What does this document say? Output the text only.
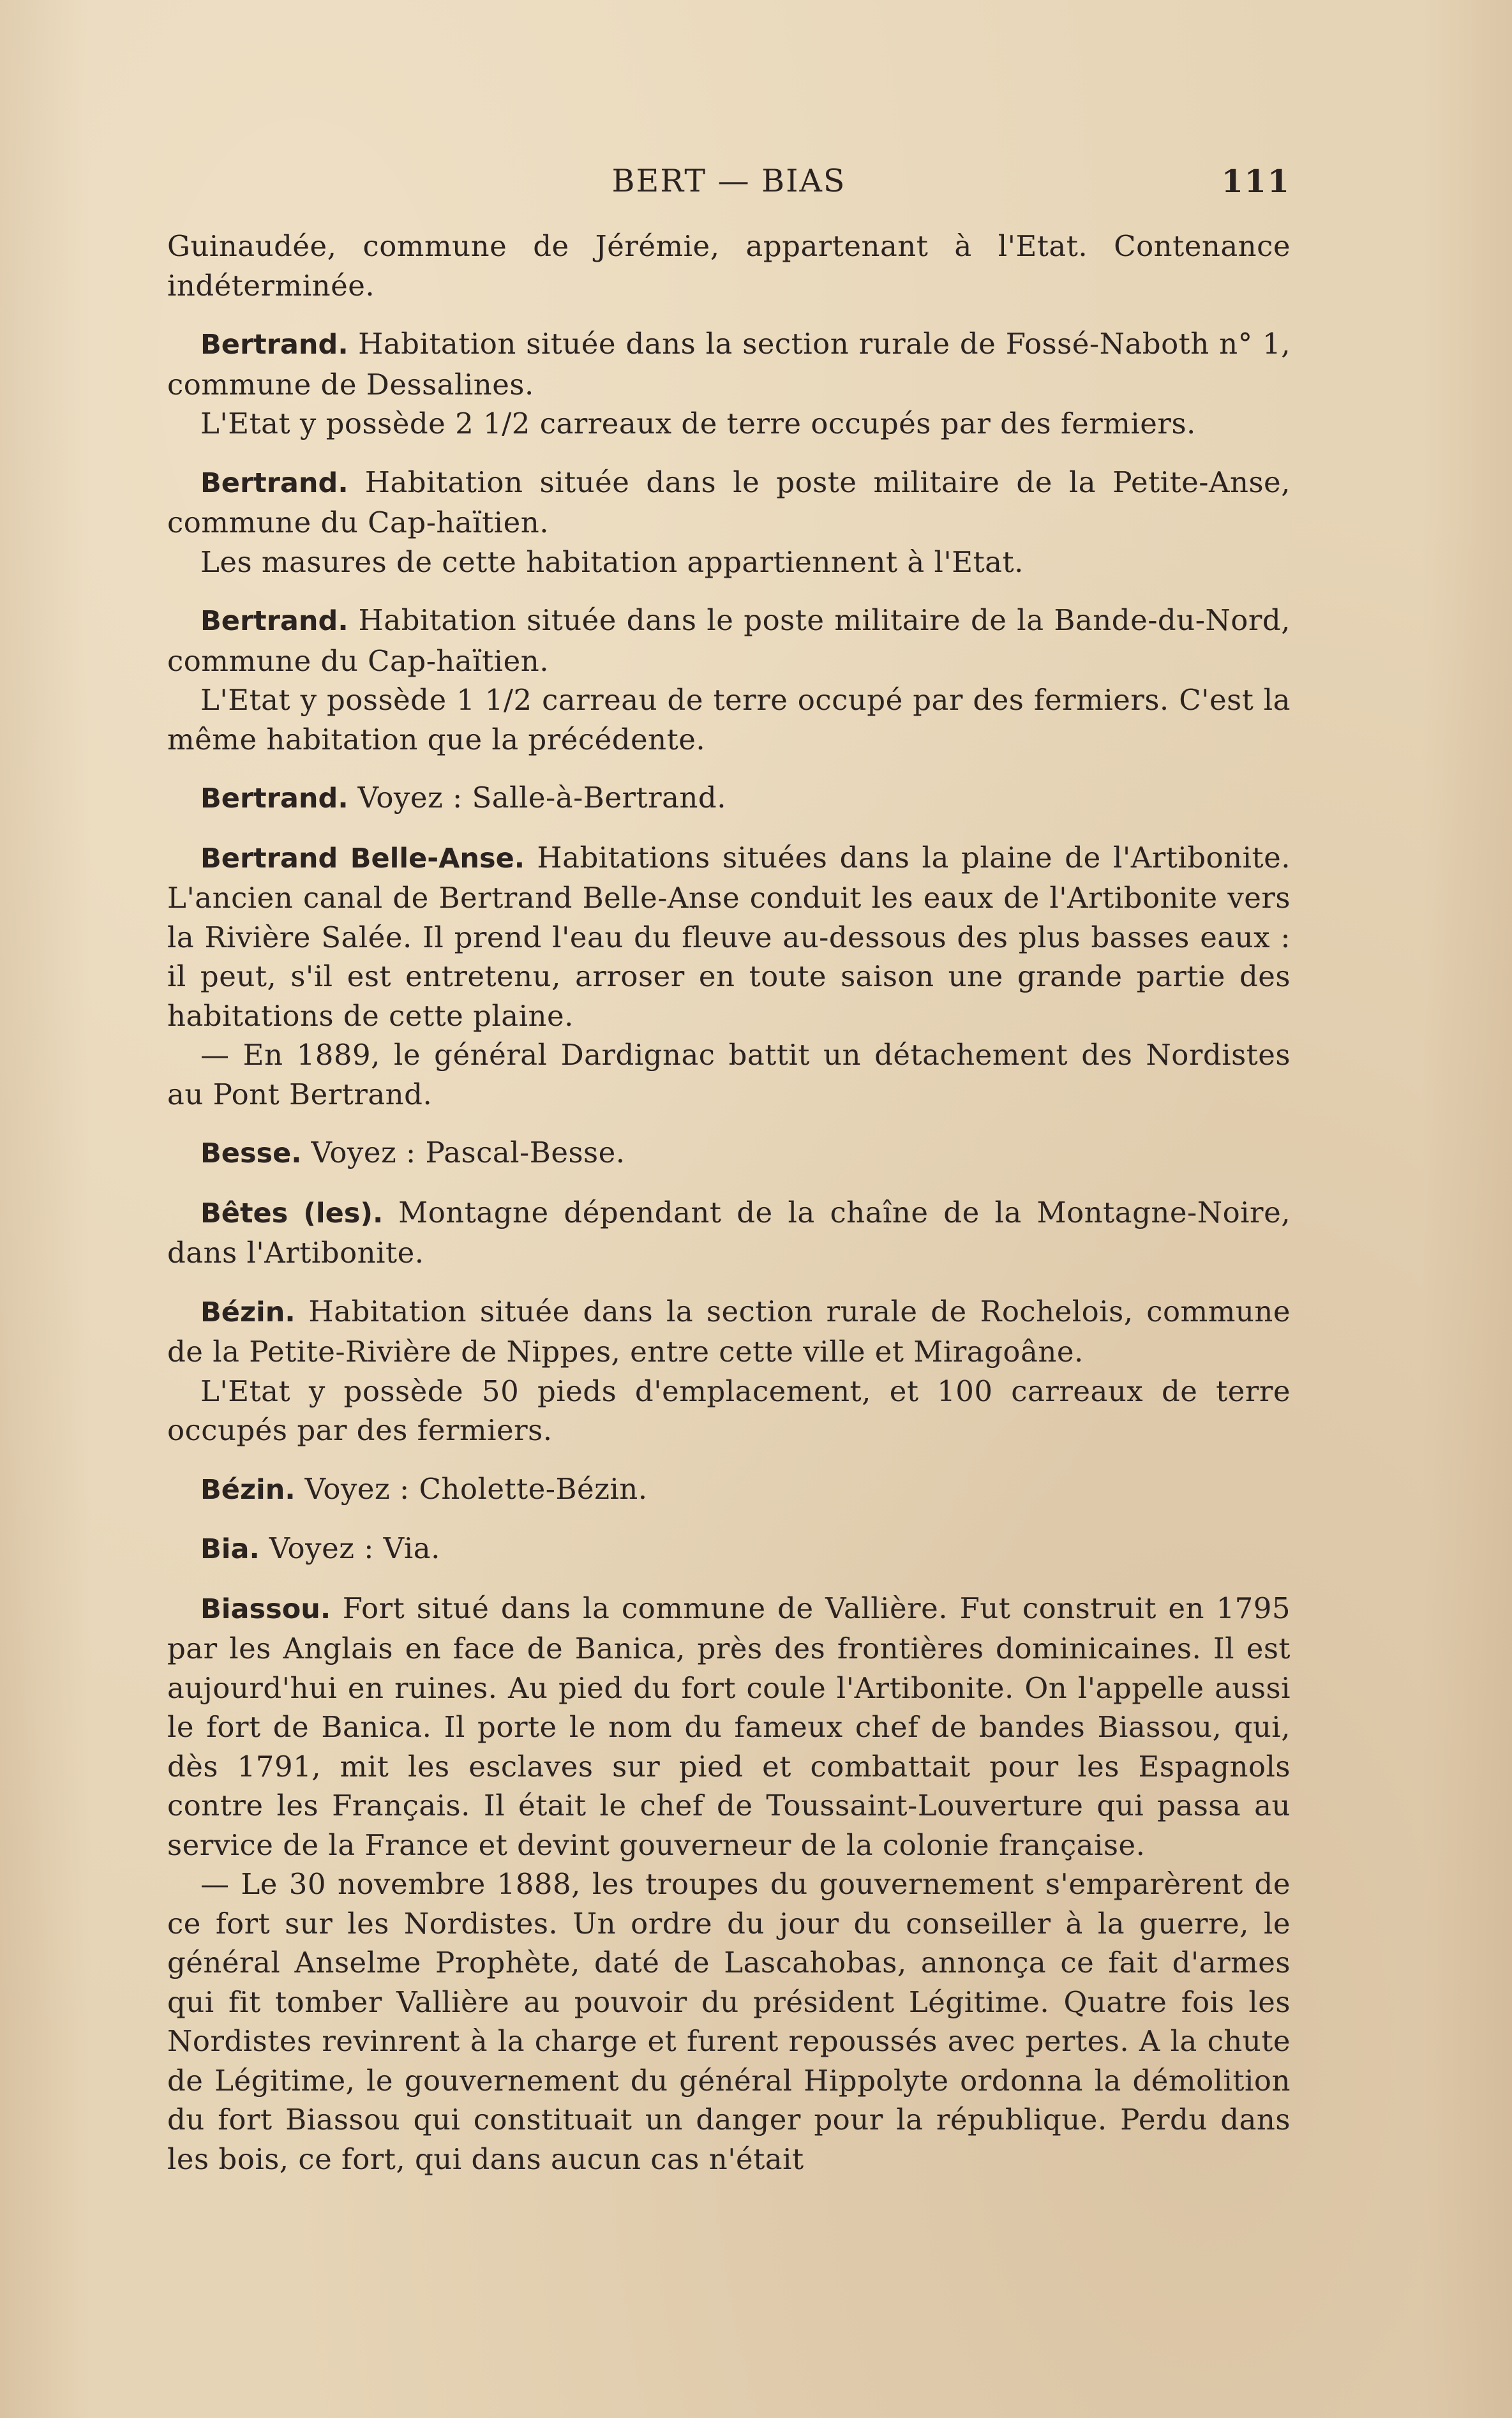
BERT — BIAS	111

Guinaudée, commune de Jérémie, appartenant à l'Etat. Contenance indéterminée.

Bertrand. Habitation située dans la section rurale de Fossé-Naboth n° 1, commune de Dessalines.

L'Etat y possède 2 1/2 carreaux de terre occupés par des fermiers.

Bertrand. Habitation située dans le poste militaire de la Petite-Anse, commune du Cap-haïtien.

Les masures de cette habitation appartiennent à l'Etat.

Bertrand. Habitation située dans le poste militaire de la Bande-du-Nord, commune du Cap-haïtien.

L'Etat y possède 1 1/2 carreau de terre occupé par des fermiers. C'est la même habitation que la précédente.

Bertrand. Voyez : Salle-à-Bertrand.

Bertrand Belle-Anse. Habitations situées dans la plaine de l'Artibonite. L'ancien canal de Bertrand Belle-Anse conduit les eaux de l'Artibonite vers la Rivière Salée. Il prend l'eau du fleuve au-dessous des plus basses eaux : il peut, s'il est entretenu, arroser en toute saison une grande partie des habitations de cette plaine.

— En 1889, le général Dardignac battit un détachement des Nordistes au Pont Bertrand.

Besse. Voyez : Pascal-Besse.

Bêtes (les). Montagne dépendant de la chaîne de la Montagne-Noire, dans l'Artibonite.

Bézin. Habitation située dans la section rurale de Rochelois, commune de la Petite-Rivière de Nippes, entre cette ville et Miragoâne.

L'Etat y possède 50 pieds d'emplacement, et 100 carreaux de terre occupés par des fermiers.

Bézin. Voyez : Cholette-Bézin.

Bia. Voyez : Via.

Biassou. Fort situé dans la commune de Vallière. Fut construit en 1795 par les Anglais en face de Banica, près des frontières dominicaines. Il est aujourd'hui en ruines. Au pied du fort coule l'Artibonite. On l'appelle aussi le fort de Banica. Il porte le nom du fameux chef de bandes Biassou, qui, dès 1791, mit les esclaves sur pied et combattait pour les Espagnols contre les Français. Il était le chef de Toussaint-Louverture qui passa au service de la France et devint gouverneur de la colonie française.

— Le 30 novembre 1888, les troupes du gouvernement s'emparèrent de ce fort sur les Nordistes. Un ordre du jour du conseiller à la guerre, le général Anselme Prophète, daté de Lascahobas, annonça ce fait d'armes qui fit tomber Vallière au pouvoir du président Légitime. Quatre fois les Nordistes revinrent à la charge et furent repoussés avec pertes. A la chute de Légitime, le gouvernement du général Hippolyte ordonna la démolition du fort Biassou qui constituait un danger pour la république. Perdu dans les bois, ce fort, qui dans aucun cas n'était
